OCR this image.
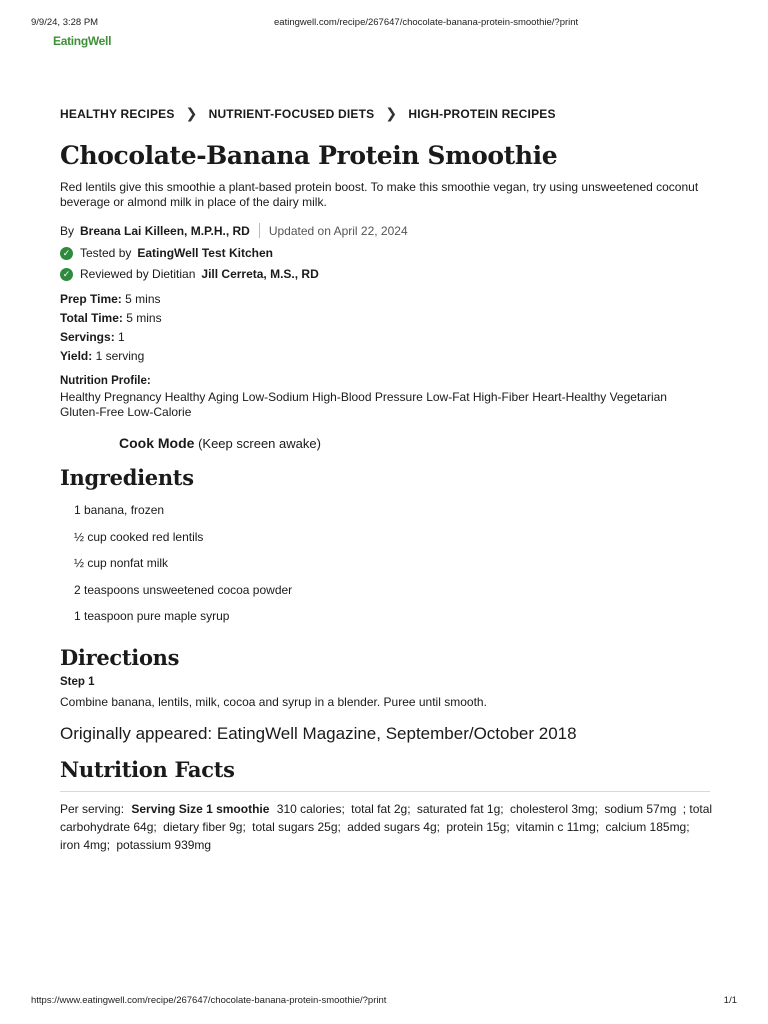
9/9/24, 3:28 PM	eatingwell.com/recipe/267647/chocolate-banana-protein-smoothie/?print
EatingWell
HEALTHY RECIPES ❯ NUTRIENT-FOCUSED DIETS ❯ HIGH-PROTEIN RECIPES
Chocolate-Banana Protein Smoothie

Red lentils give this smoothie a plant-based protein boost. To make this smoothie vegan, try using unsweetened coconut beverage or almond milk in place of the dairy milk.

By Breana Lai Killeen, M.P.H., RD Updated on April 22, 2024
✓ Tested by EatingWell Test Kitchen
✓ Reviewed by Dietitian Jill Cerreta, M.S., RD
Prep Time: 5 mins
Total Time: 5 mins
Servings: 1
Yield: 1 serving
Nutrition Profile:

Healthy Pregnancy Healthy Aging Low-Sodium High-Blood Pressure Low-Fat High-Fiber Heart-Healthy Vegetarian Gluten-Free Low-Calorie

Cook Mode (Keep screen awake)
Ingredients
1 banana, frozen
½ cup cooked red lentils
½ cup nonfat milk
2 teaspoons unsweetened cocoa powder
1 teaspoon pure maple syrup
Directions
Step 1
Combine banana, lentils, milk, cocoa and syrup in a blender. Puree until smooth.
Originally appeared: EatingWell Magazine, September/October 2018
Nutrition Facts

Per serving: Serving Size 1 smoothie 310 calories; total fat 2g; saturated fat 1g; cholesterol 3mg; sodium 57mg ; total carbohydrate 64g; dietary fiber 9g; total sugars 25g; added sugars 4g; protein 15g; vitamin c 11mg; calcium 185mg; iron 4mg; potassium 939mg

https://www.eatingwell.com/recipe/267647/chocolate-banana-protein-smoothie/?print	1/1
